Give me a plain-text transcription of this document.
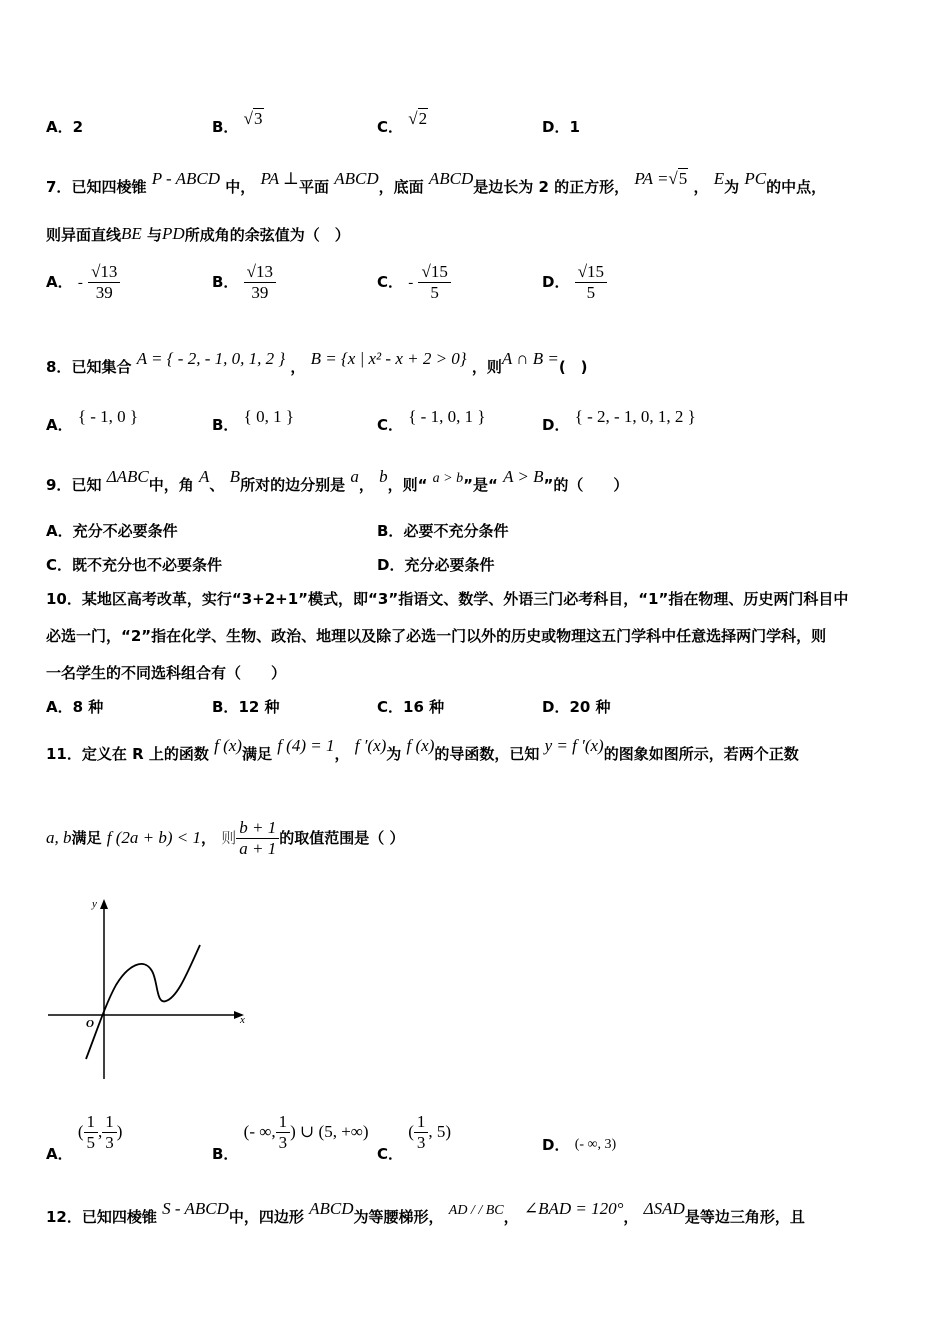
A．2	B． √3	C． √2	D．1
7．已知四棱锥 P - ABCD 中， PA ⊥平面 ABCD，底面 ABCD是边长为 2 的正方形， PA =√5 ， E为 PC的中点，
则异面直线BE 与PD所成角的余弦值为（　）
A． - $\frac{√13}{39}$	B． $\frac{√13}{39}$	C． - $\frac{√15}{5}$	D． $\frac{√15}{5}$
8．已知集合 A = { - 2, - 1, 0, 1, 2 } ， B = {x | x² - x + 2 > 0} ，则A ∩ B =(　)
A． { - 1, 0 }	B． { 0, 1 }	C． { - 1, 0, 1 }	D． { - 2, - 1, 0, 1, 2 }
9．已知 ΔABC中，角 A、 B所对的边分别是 a， b，则“ a > b”是“ A > B”的（　　）
A．充分不必要条件	B．必要不充分条件
C．既不充分也不必要条件	D．充分必要条件
10．某地区高考改革，实行“3+2+1”模式，即“3”指语文、数学、外语三门必考科目，“1”指在物理、历史两门科目中
必选一门，“2”指在化学、生物、政治、地理以及除了必选一门以外的历史或物理这五门学科中任意选择两门学科，则
一名学生的不同选科组合有（　　）
A．8 种	B．12 种	C．16 种	D．20 种
11．定义在 R 上的函数 f (x)满足 f (4) = 1， f ′(x)为 f (x)的导函数，已知 y = f ′(x)的图象如图所示，若两个正数
a, b满足 f (2a + b) < 1， 则 $\frac{b + 1}{a + 1}$ 的取值范围是（ ）
y
x
O
A． ( $\frac{1}{5}$ , $\frac{1}{3}$ )
B． (- ∞, $\frac{1}{3}$ ) ∪ (5, +∞)
C． ( $\frac{1}{3}$ , 5)
D． (- ∞, 3)
12．已知四棱锥 S - ABCD中，四边形 ABCD为等腰梯形， AD / / BC， ∠BAD = 120°， ΔSAD是等边三角形，且
